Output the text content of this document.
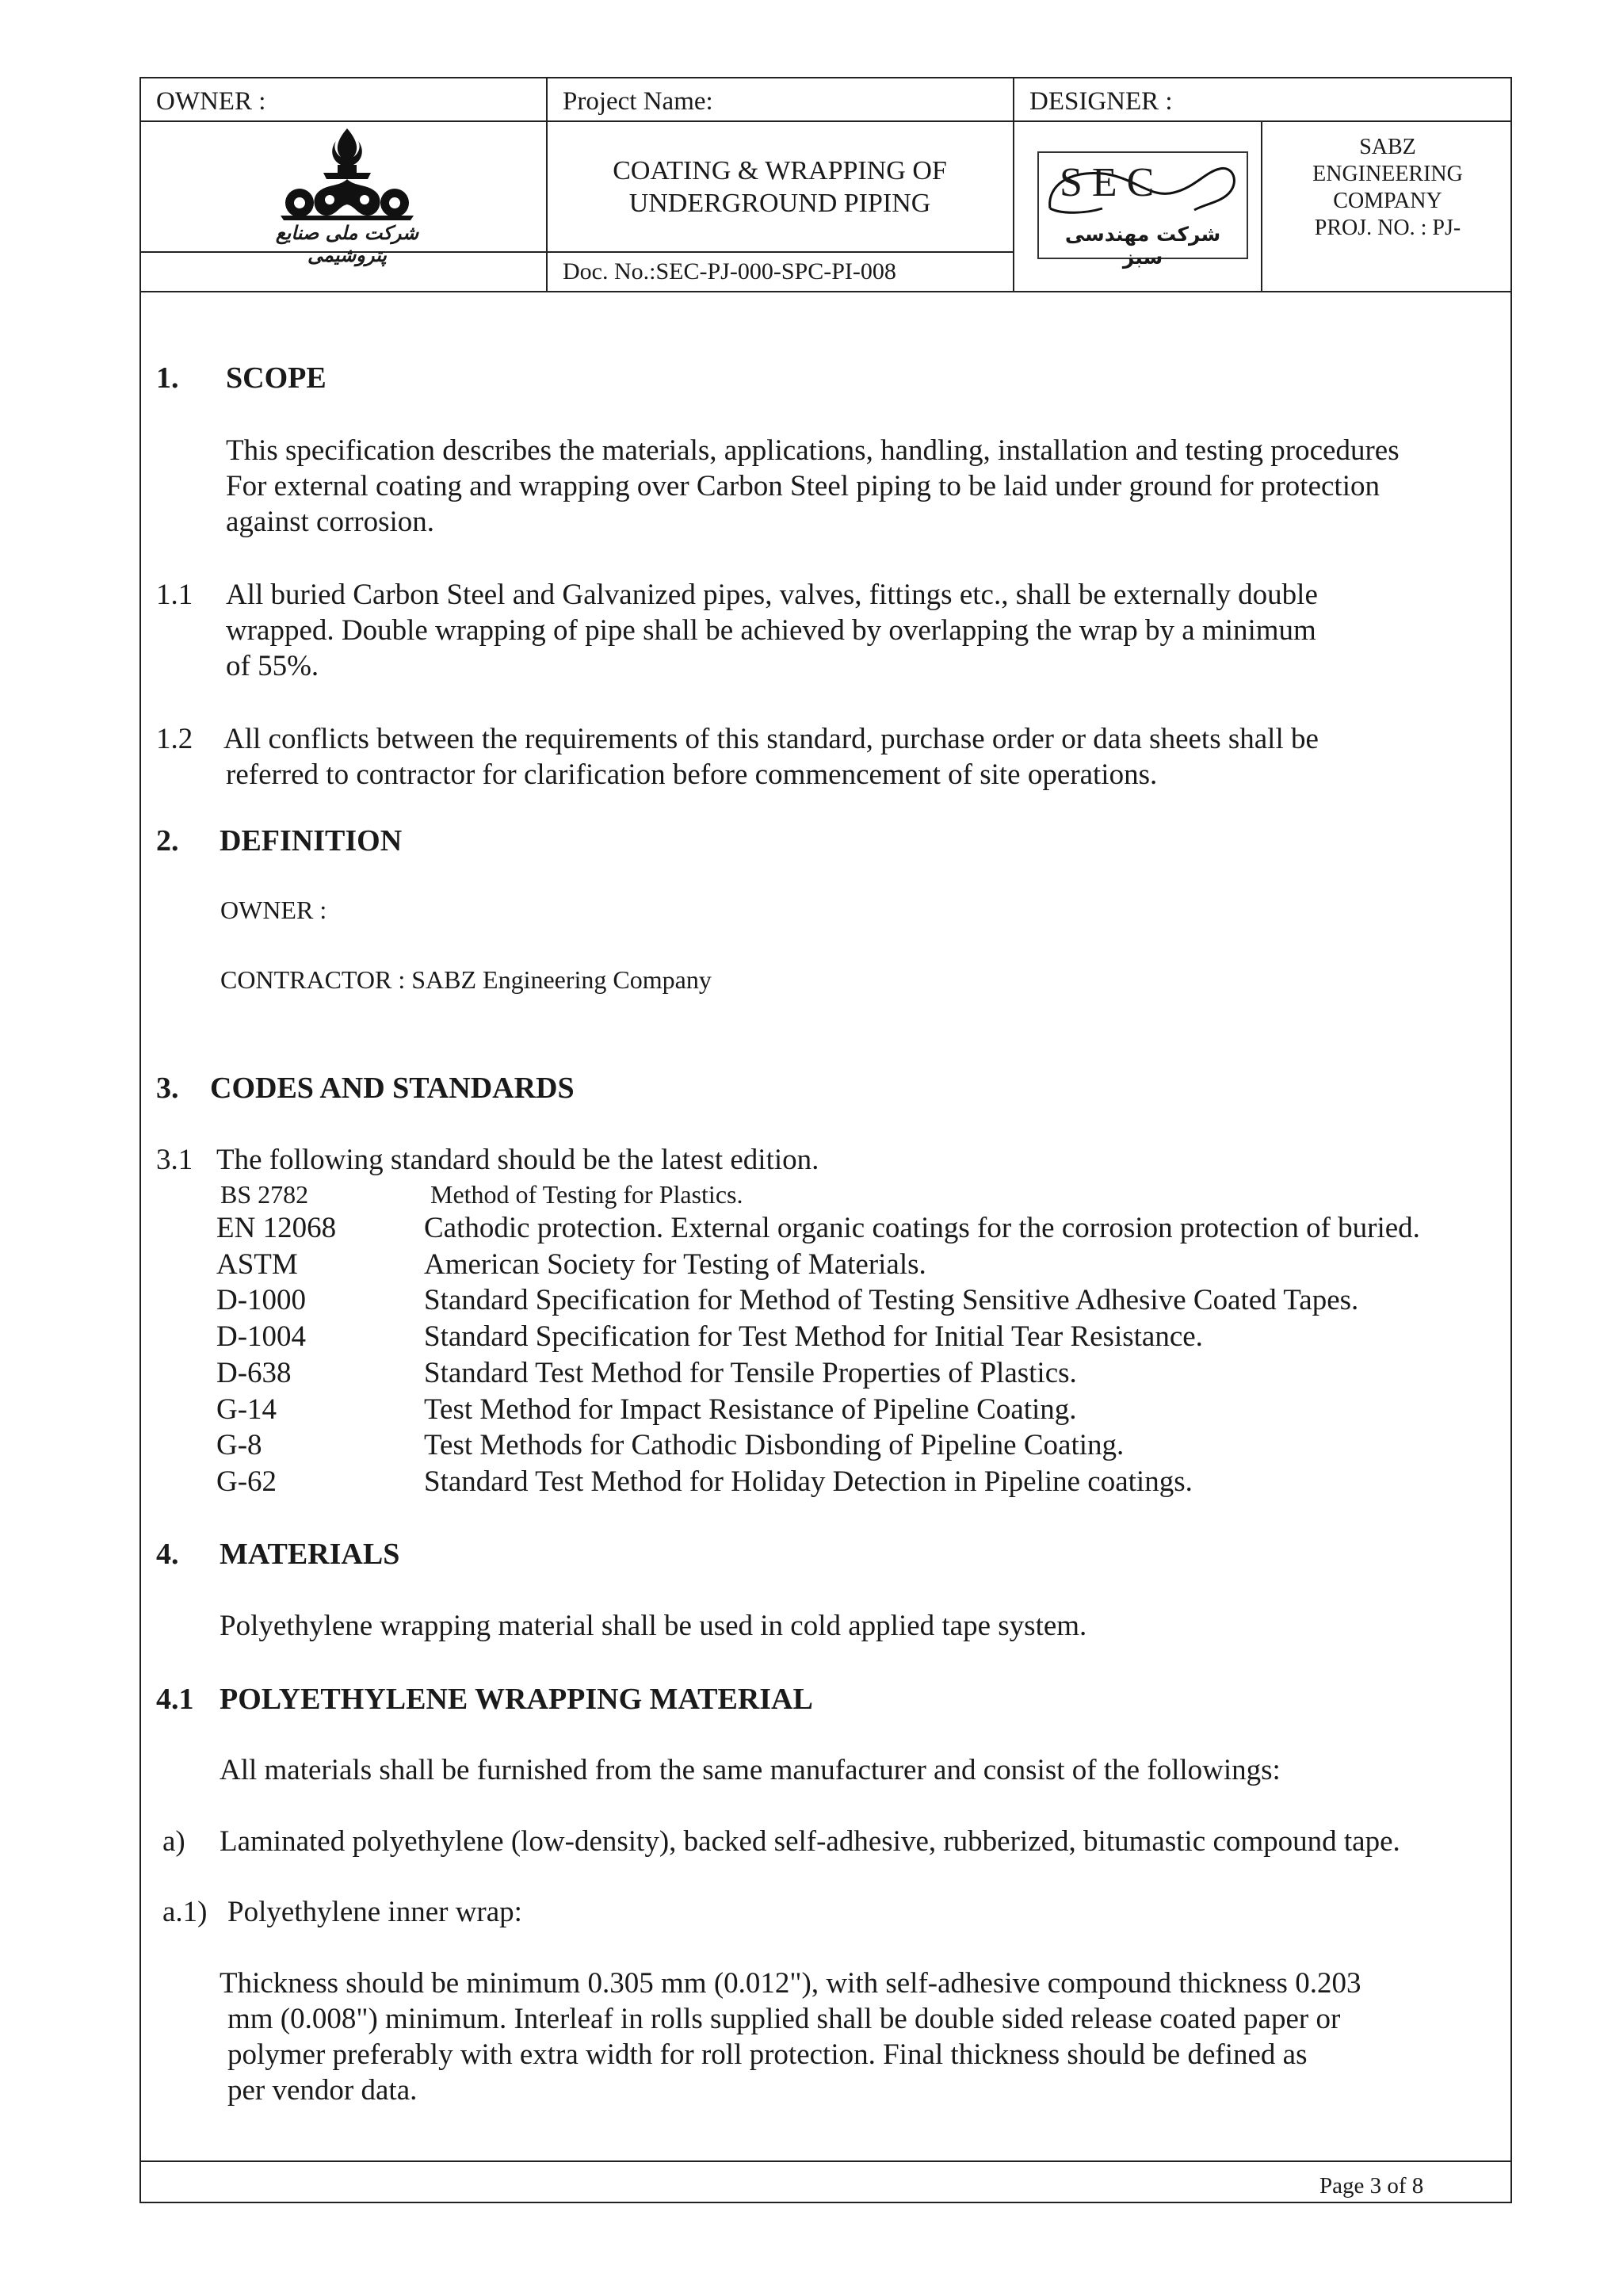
OWNER :	Project Name:	DESIGNER :
شرکت ملی صنایع پتروشیمی
COATING & WRAPPING OF
UNDERGROUND PIPING
Doc. No.:SEC-PJ-000-SPC-PI-008
SEC
شرکت مهندسی سبز
SABZ
ENGINEERING
COMPANY
PROJ. NO. : PJ-
Page 3 of 8
1. SCOPE
This specification describes the materials, applications, handling, installation and testing procedures
For external coating and wrapping over Carbon Steel piping to be laid under ground for protection
against corrosion.
1.1 All buried Carbon Steel and Galvanized pipes, valves, fittings etc., shall be externally double
wrapped. Double wrapping of pipe shall be achieved by overlapping the wrap by a minimum
of 55%.
1.2 All conflicts between the requirements of this standard, purchase order or data sheets shall be
referred to contractor for clarification before commencement of site operations.
2. DEFINITION
OWNER :
CONTRACTOR : SABZ Engineering Company
3. CODES AND STANDARDS
3.1 The following standard should be the latest edition.
BS 2782	Method of Testing for Plastics.
EN 12068	Cathodic protection. External organic coatings for the corrosion protection of buried.
ASTM	American Society for Testing of Materials.
D-1000	Standard Specification for Method of Testing Sensitive Adhesive Coated Tapes.
D-1004	Standard Specification for Test Method for Initial Tear Resistance.
D-638	Standard Test Method for Tensile Properties of Plastics.
G-14	Test Method for Impact Resistance of Pipeline Coating.
G-8	Test Methods for Cathodic Disbonding of Pipeline Coating.
G-62	Standard Test Method for Holiday Detection in Pipeline coatings.
4. MATERIALS
Polyethylene wrapping material shall be used in cold applied tape system.
4.1 POLYETHYLENE WRAPPING MATERIAL
All materials shall be furnished from the same manufacturer and consist of the followings:
a) Laminated polyethylene (low-density), backed self-adhesive, rubberized, bitumastic compound tape.
a.1) Polyethylene inner wrap:
Thickness should be minimum 0.305 mm (0.012"), with self-adhesive compound thickness 0.203
mm (0.008") minimum. Interleaf in rolls supplied shall be double sided release coated paper or
polymer preferably with extra width for roll protection. Final thickness should be defined as
per vendor data.
